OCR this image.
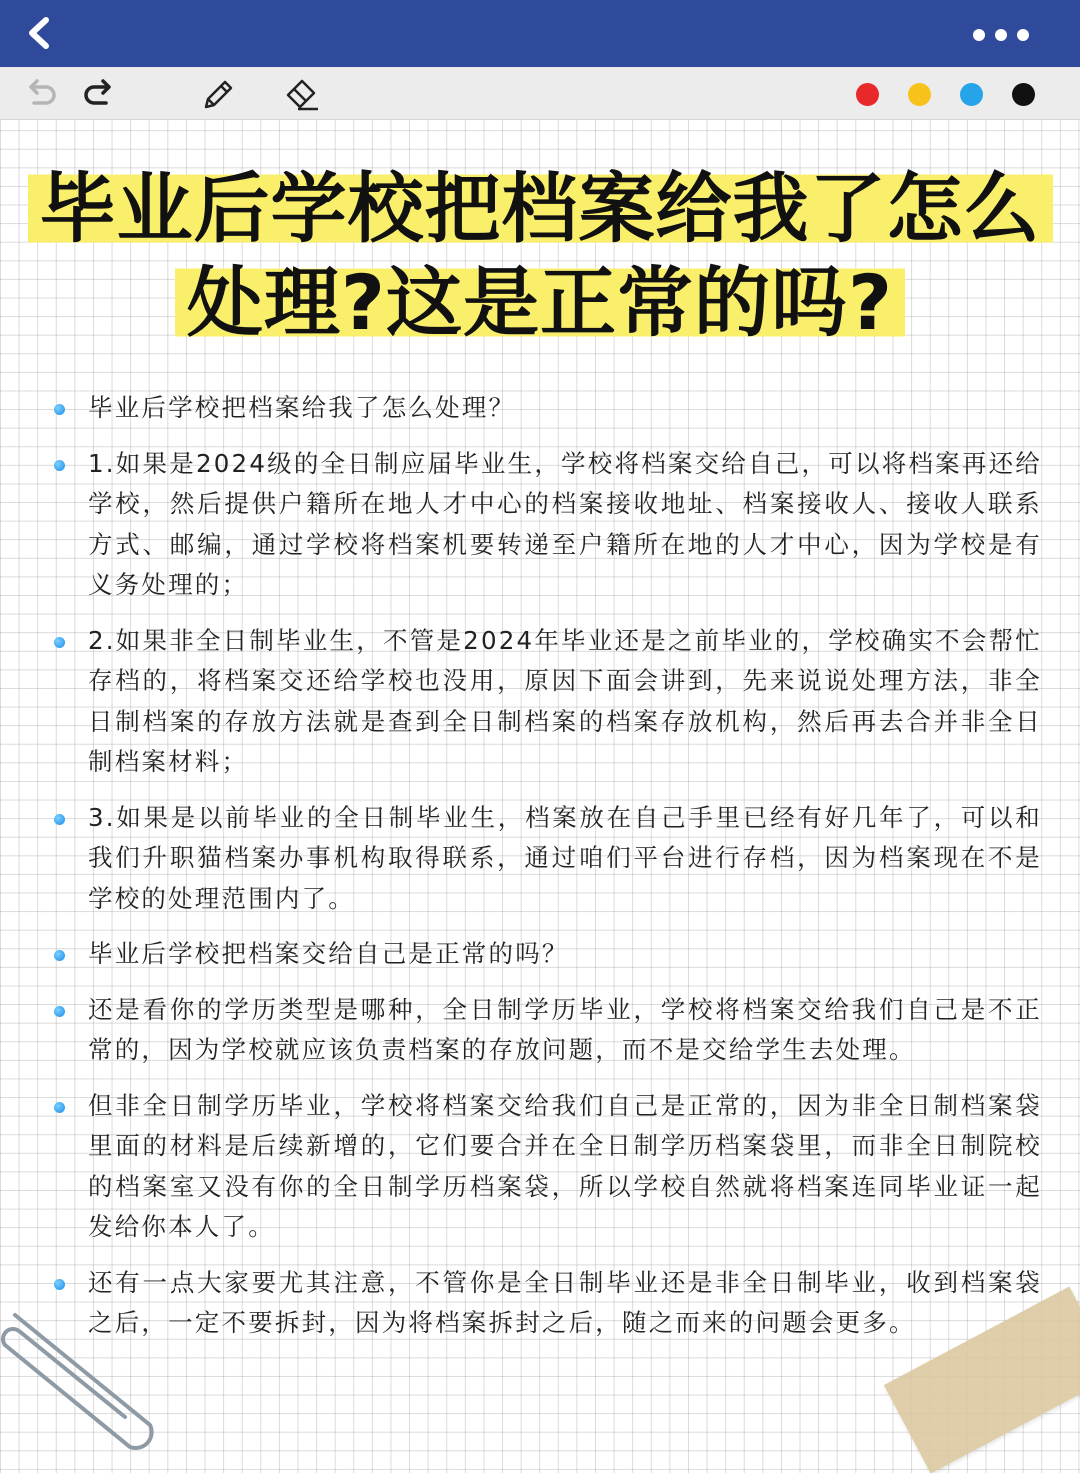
毕业后学校把档案给我了怎么
处理?这是正常的吗?
毕业后学校把档案给我了怎么处理？
1.如果是2024级的全日制应届毕业生，学校将档案交给自己，可以将档案再还给学校，然后提供户籍所在地人才中心的档案接收地址、档案接收人、接收人联系方式、邮编，通过学校将档案机要转递至户籍所在地的人才中心，因为学校是有义务处理的；
2.如果非全日制毕业生，不管是2024年毕业还是之前毕业的，学校确实不会帮忙存档的，将档案交还给学校也没用，原因下面会讲到，先来说说处理方法，非全日制档案的存放方法就是查到全日制档案的档案存放机构，然后再去合并非全日制档案材料；
3.如果是以前毕业的全日制毕业生，档案放在自己手里已经有好几年了，可以和我们升职猫档案办事机构取得联系，通过咱们平台进行存档，因为档案现在不是学校的处理范围内了。
毕业后学校把档案交给自己是正常的吗？
还是看你的学历类型是哪种，全日制学历毕业，学校将档案交给我们自己是不正常的，因为学校就应该负责档案的存放问题，而不是交给学生去处理。
但非全日制学历毕业，学校将档案交给我们自己是正常的，因为非全日制档案袋里面的材料是后续新增的，它们要合并在全日制学历档案袋里，而非全日制院校的档案室又没有你的全日制学历档案袋，所以学校自然就将档案连同毕业证一起发给你本人了。
还有一点大家要尤其注意，不管你是全日制毕业还是非全日制毕业，收到档案袋之后，一定不要拆封，因为将档案拆封之后，随之而来的问题会更多。
